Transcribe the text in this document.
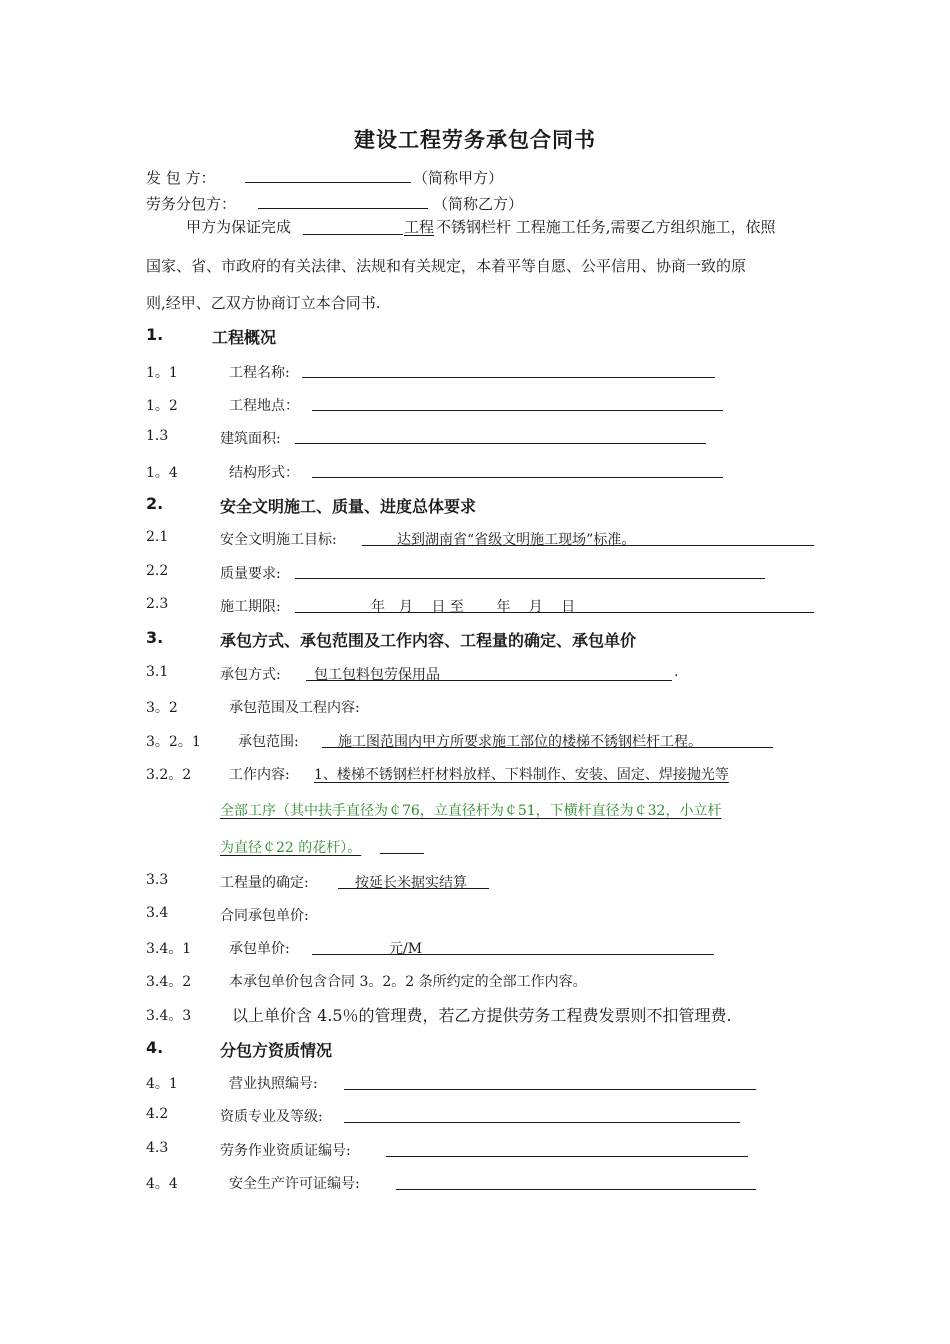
建设工程劳务承包合同书
发 包 方：	（简称甲方）
劳务分包方：	（简称乙方）
甲方为保证完成	工程 不锈钢栏杆 工程施工任务,需要乙方组织施工，依照
国家、省、市政府的有关法律、法规和有关规定，本着平等自愿、公平信用、协商一致的原
则,经甲、乙双方协商订立本合同书.
1.	工程概况
1。1	工程名称:
1。2	工程地点：
1.3	建筑面积:
1。4	结构形式：
2.	安全文明施工、质量、进度总体要求
2.1	安全文明施工目标:	达到湖南省“省级文明施工现场”标准。
2.2	质量要求:
2.3	施工期限:	年　月　 日 至　　 年　 月　 日
3.	承包方式、承包范围及工作内容、工程量的确定、承包单价
3.1	承包方式: 包工包料包劳保用品	.
3。2	承包范围及工程内容:
3。2。1	承包范围:	施工图范围内甲方所要求施工部位的楼梯不锈钢栏杆工程。
3.2。2	工作内容: 1、楼梯不锈钢栏杆材料放样、下料制作、安装、固定、焊接抛光等
全部工序（其中扶手直径为￠76，立直径杆为￠51，下横杆直径为￠32，小立杆
为直径￠22 的花杆）。
3.3	工程量的确定:	按延长米据实结算
3.4	合同承包单价:
3.4。1	承包单价:	元/M
3.4。2	本承包单价包含合同 3。2。2 条所约定的全部工作内容。
3.4。3	以上单价含 4.5％的管理费，若乙方提供劳务工程费发票则不扣管理费.
4.	分包方资质情况
4。1	营业执照编号:
4.2	资质专业及等级:
4.3	劳务作业资质证编号:
4。4	安全生产许可证编号:
